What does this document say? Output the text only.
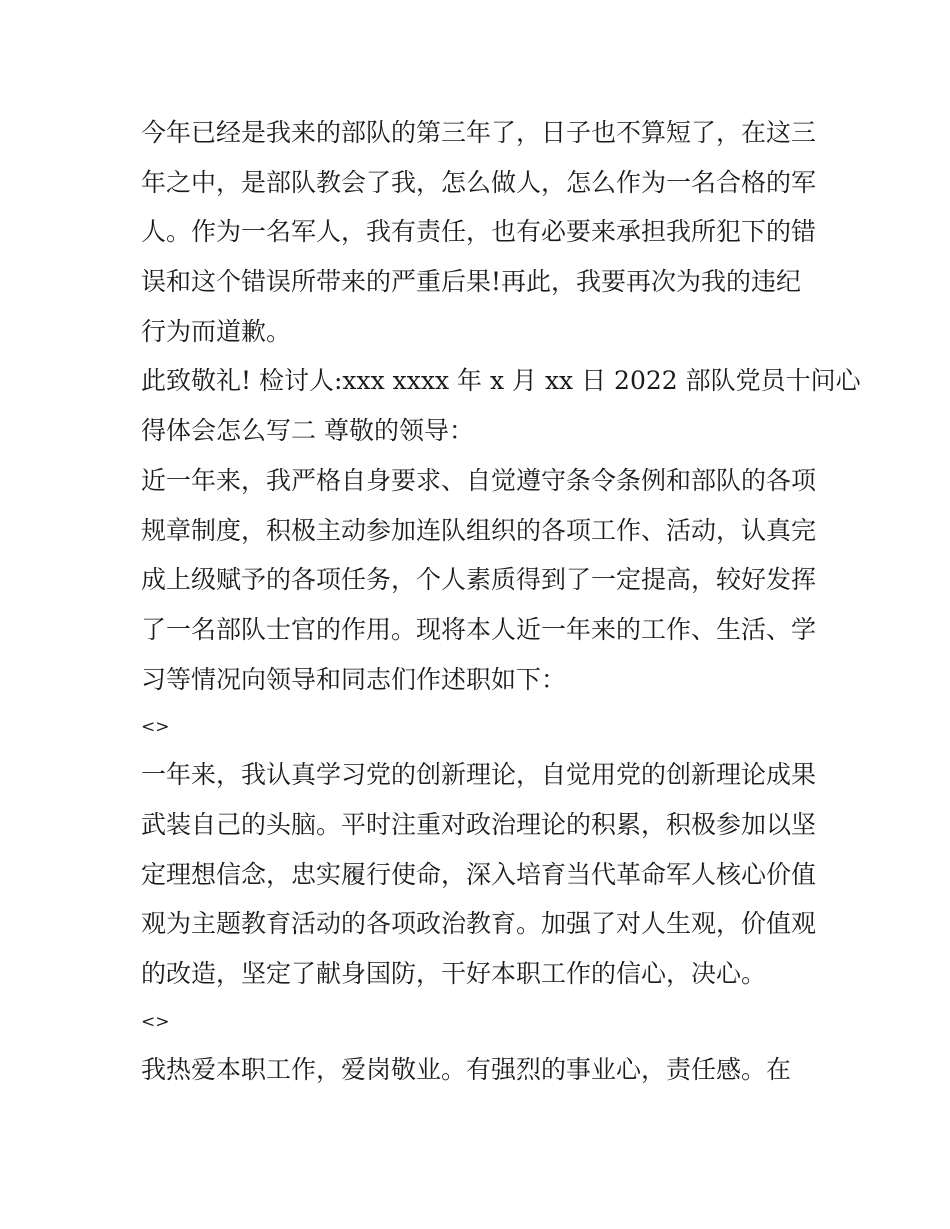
今年已经是我来的部队的第三年了，日子也不算短了，在这三
年之中，是部队教会了我，怎么做人，怎么作为一名合格的军
人。作为一名军人，我有责任，也有必要来承担我所犯下的错
误和这个错误所带来的严重后果!再此，我要再次为我的违纪
行为而道歉。
此致敬礼! 检讨人:xxx xxxx 年 x 月 xx 日 2022 部队党员十问心
得体会怎么写二 尊敬的领导：
近一年来，我严格自身要求、自觉遵守条令条例和部队的各项
规章制度，积极主动参加连队组织的各项工作、活动，认真完
成上级赋予的各项任务，个人素质得到了一定提高，较好发挥
了一名部队士官的作用。现将本人近一年来的工作、生活、学
习等情况向领导和同志们作述职如下：
<>
一年来，我认真学习党的创新理论，自觉用党的创新理论成果
武装自己的头脑。平时注重对政治理论的积累，积极参加以坚
定理想信念，忠实履行使命，深入培育当代革命军人核心价值
观为主题教育活动的各项政治教育。加强了对人生观，价值观
的改造，坚定了献身国防，干好本职工作的信心，决心。
<>
我热爱本职工作，爱岗敬业。有强烈的事业心，责任感。在
